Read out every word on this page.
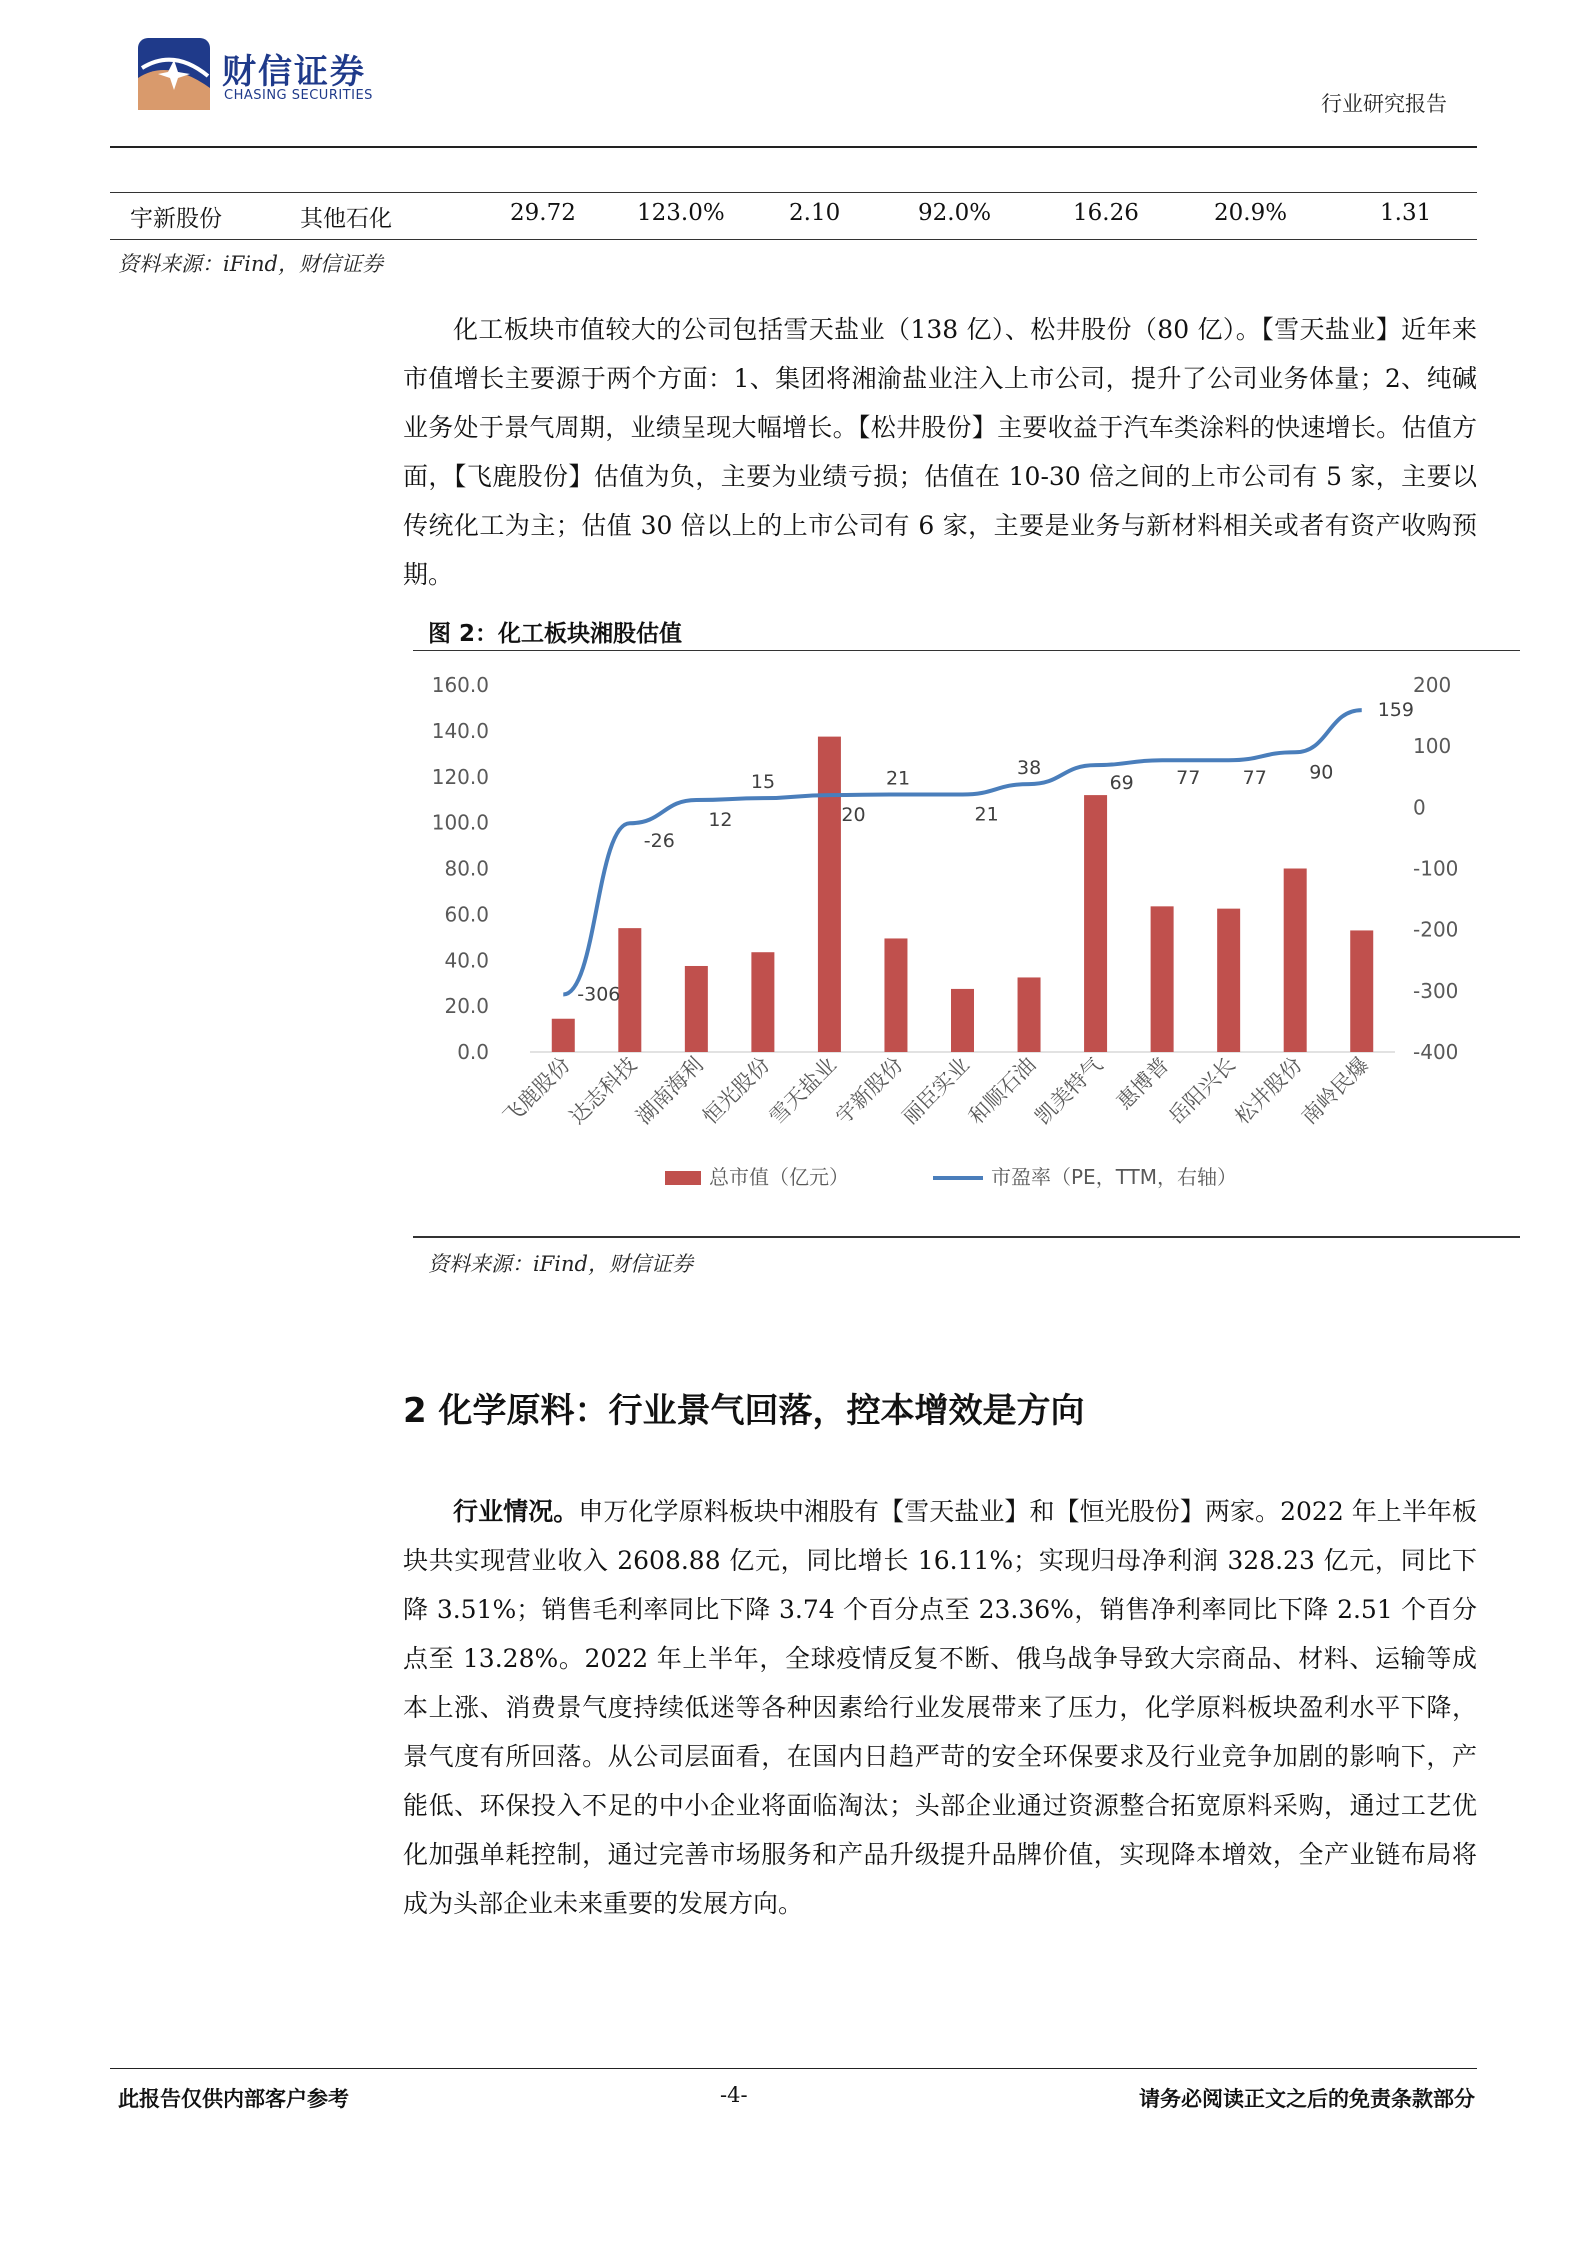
财信证券
CHASING SECURITIES	行业研究报告
宇新股份	其他石化	29.72	123.0%	2.10	92.0%	16.26	20.9%	1.31
资料来源：iFind，财信证券
化工板块市值较大的公司包括雪天盐业（138 亿）、松井股份（80 亿）。【雪天盐业】近年来市值增长主要源于两个方面：1、集团将湘渝盐业注入上市公司，提升了公司业务体量；2、纯碱业务处于景气周期，业绩呈现大幅增长。【松井股份】主要收益于汽车类涂料的快速增长。估值方面，【飞鹿股份】估值为负，主要为业绩亏损；估值在 10-30 倍之间的上市公司有 5 家，主要以传统化工为主；估值 30 倍以上的上市公司有 6 家，主要是业务与新材料相关或者有资产收购预期。
图 2：化工板块湘股估值
0.0
20.0
40.0
60.0
80.0
100.0
120.0
140.0
160.0
-400
-300
-200
-100
0
100
200
-306
-26
12
15
20
21
21
38
69 77 77 90
159
飞鹿股份
达志科技
湖南海利
恒光股份
雪天盐业
宇新股份
丽臣实业
和顺石油
凯美特气 惠博普
岳阳兴长
松井股份
南岭民爆
总市值（亿元）	市盈率（PE，TTM，右轴）
资料来源：iFind，财信证券
2 化学原料：行业景气回落，控本增效是方向
行业情况。申万化学原料板块中湘股有【雪天盐业】和【恒光股份】两家。2022 年上半年板块共实现营业收入 2608.88 亿元，同比增长 16.11%；实现归母净利润 328.23 亿元，同比下降 3.51%；销售毛利率同比下降 3.74 个百分点至 23.36%，销售净利率同比下降 2.51 个百分点至 13.28%。2022 年上半年，全球疫情反复不断、俄乌战争导致大宗商品、材料、运输等成本上涨、消费景气度持续低迷等各种因素给行业发展带来了压力，化学原料板块盈利水平下降，景气度有所回落。从公司层面看，在国内日趋严苛的安全环保要求及行业竞争加剧的影响下，产能低、环保投入不足的中小企业将面临淘汰；头部企业通过资源整合拓宽原料采购，通过工艺优化加强单耗控制，通过完善市场服务和产品升级提升品牌价值，实现降本增效，全产业链布局将成为头部企业未来重要的发展方向。
此报告仅供内部客户参考	-4-	请务必阅读正文之后的免责条款部分
